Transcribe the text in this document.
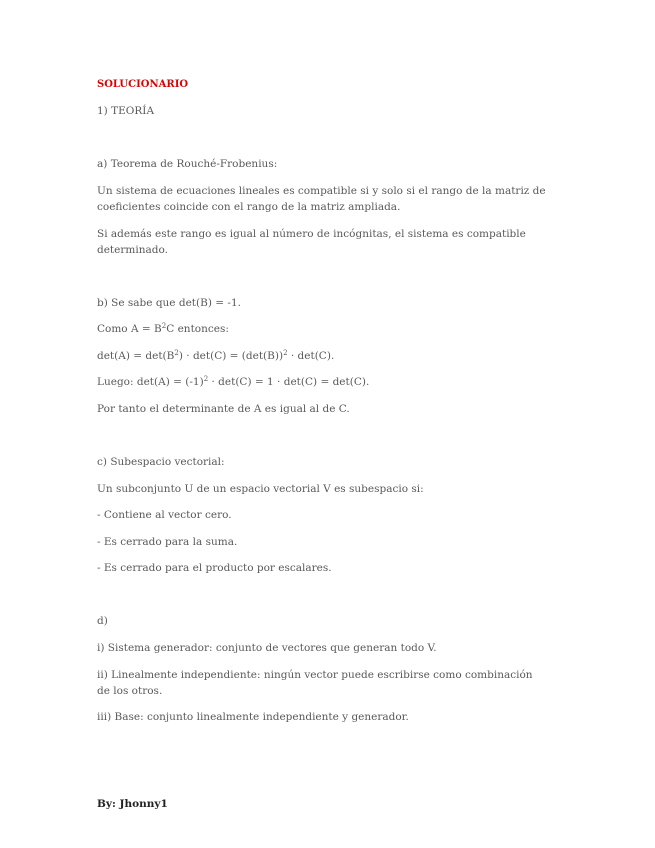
SOLUCIONARIO
1) TEORÍA
a) Teorema de Rouché-Frobenius:
Un sistema de ecuaciones lineales es compatible si y solo si el rango de la matriz de coeficientes coincide con el rango de la matriz ampliada.
Si además este rango es igual al número de incógnitas, el sistema es compatible determinado.
b) Se sabe que det(B) = -1.
Como $A = B^2C$ entonces:
$\det(A) = \det(B^2) \cdot \det(C) = (\det(B))^2 \cdot \det(C)$.
Luego: $\det(A) = (-1)^2 \cdot \det(C) = 1 \cdot \det(C) = \det(C)$.
Por tanto el determinante de A es igual al de C.
c) Subespacio vectorial:
Un subconjunto U de un espacio vectorial V es subespacio si:
- Contiene al vector cero.
- Es cerrado para la suma.
- Es cerrado para el producto por escalares.
d)
i) Sistema generador: conjunto de vectores que generan todo V.
ii) Linealmente independiente: ningún vector puede escribirse como combinación de los otros.
iii) Base: conjunto linealmente independiente y generador.
By: Jhonny1
